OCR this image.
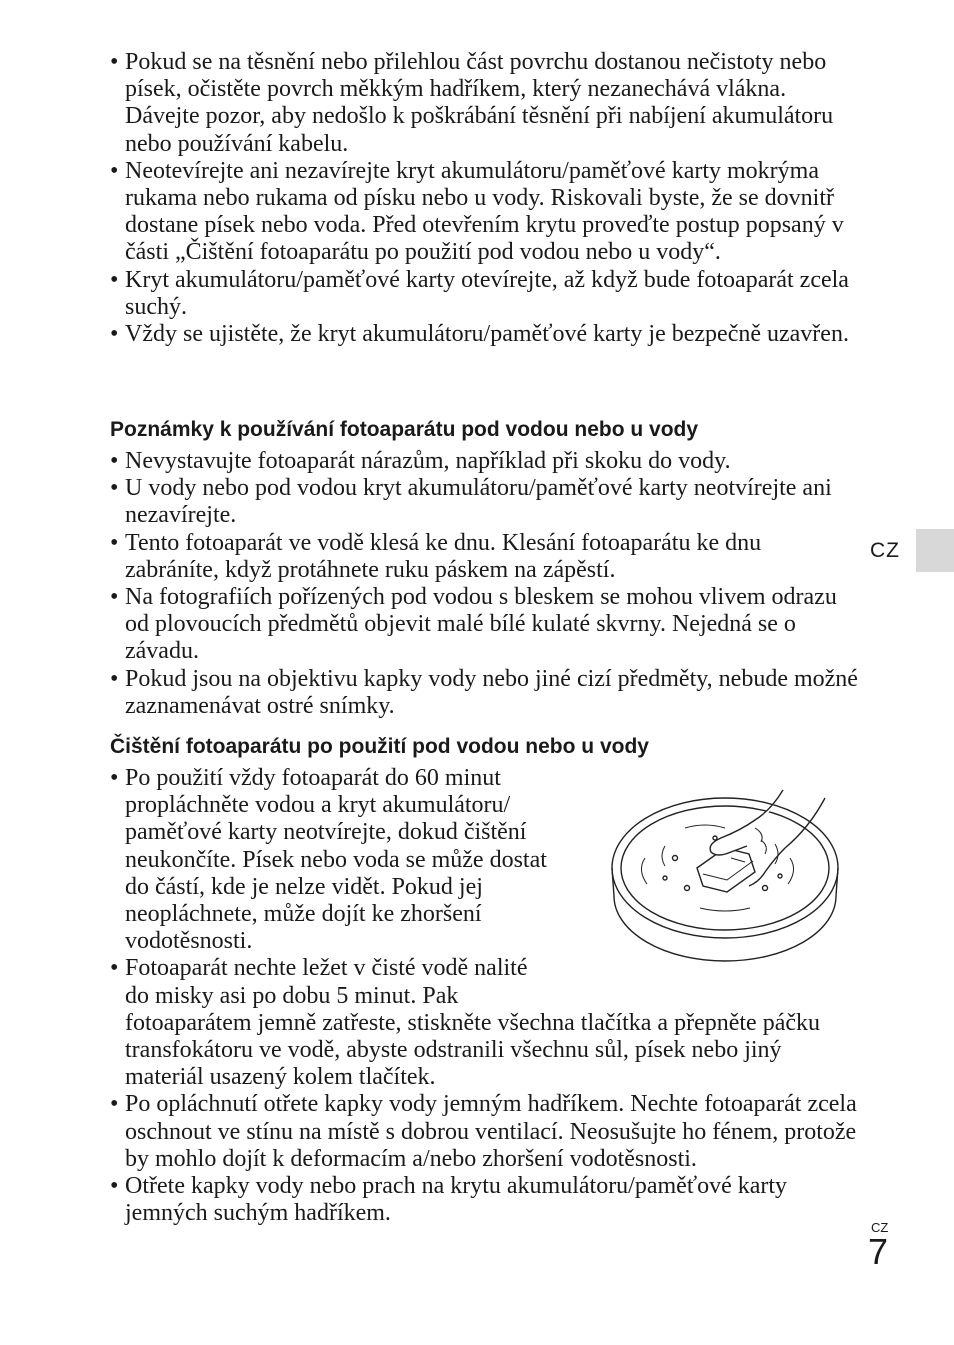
• Pokud se na těsnění nebo přilehlou část povrchu dostanou nečistoty nebo písek, očistěte povrch měkkým hadříkem, který nezanechává vlákna. Dávejte pozor, aby nedošlo k poškrábání těsnění při nabíjení akumulátoru nebo používání kabelu.
• Neotevírejte ani nezavírejte kryt akumulátoru/paměťové karty mokrýma rukama nebo rukama od písku nebo u vody. Riskovali byste, že se dovnitř dostane písek nebo voda. Před otevřením krytu proveďte postup popsaný v části „Čištění fotoaparátu po použití pod vodou nebo u vody“.
• Kryt akumulátoru/paměťové karty otevírejte, až když bude fotoaparát zcela suchý.
• Vždy se ujistěte, že kryt akumulátoru/paměťové karty je bezpečně uzavřen.
Poznámky k používání fotoaparátu pod vodou nebo u vody
• Nevystavujte fotoaparát nárazům, například při skoku do vody.
• U vody nebo pod vodou kryt akumulátoru/paměťové karty neotvírejte ani nezavírejte.
• Tento fotoaparát ve vodě klesá ke dnu. Klesání fotoaparátu ke dnu zabráníte, když protáhnete ruku páskem na zápěstí.
• Na fotografiích pořízených pod vodou s bleskem se mohou vlivem odrazu od plovoucích předmětů objevit malé bílé kulaté skvrny. Nejedná se o závadu.
• Pokud jsou na objektivu kapky vody nebo jiné cizí předměty, nebude možné zaznamenávat ostré snímky.
Čištění fotoaparátu po použití pod vodou nebo u vody
• Po použití vždy fotoaparát do 60 minut propláchněte vodou a kryt akumulátoru/ paměťové karty neotvírejte, dokud čištění neukončíte. Písek nebo voda se může dostat do částí, kde je nelze vidět. Pokud jej neopláchnete, může dojít ke zhoršení vodotěsnosti.
• Fotoaparát nechte ležet v čisté vodě nalité do misky asi po dobu 5 minut. Pak
fotoaparátem jemně zatřeste, stiskněte všechna tlačítka a přepněte páčku transfokátoru ve vodě, abyste odstranili všechnu sůl, písek nebo jiný materiál usazený kolem tlačítek.
• Po opláchnutí otřete kapky vody jemným hadříkem. Nechte fotoaparát zcela oschnout ve stínu na místě s dobrou ventilací. Neosušujte ho fénem, protože by mohlo dojít k deformacím a/nebo zhoršení vodotěsnosti.
• Otřete kapky vody nebo prach na krytu akumulátoru/paměťové karty jemných suchým hadříkem.
CZ
CZ
7
